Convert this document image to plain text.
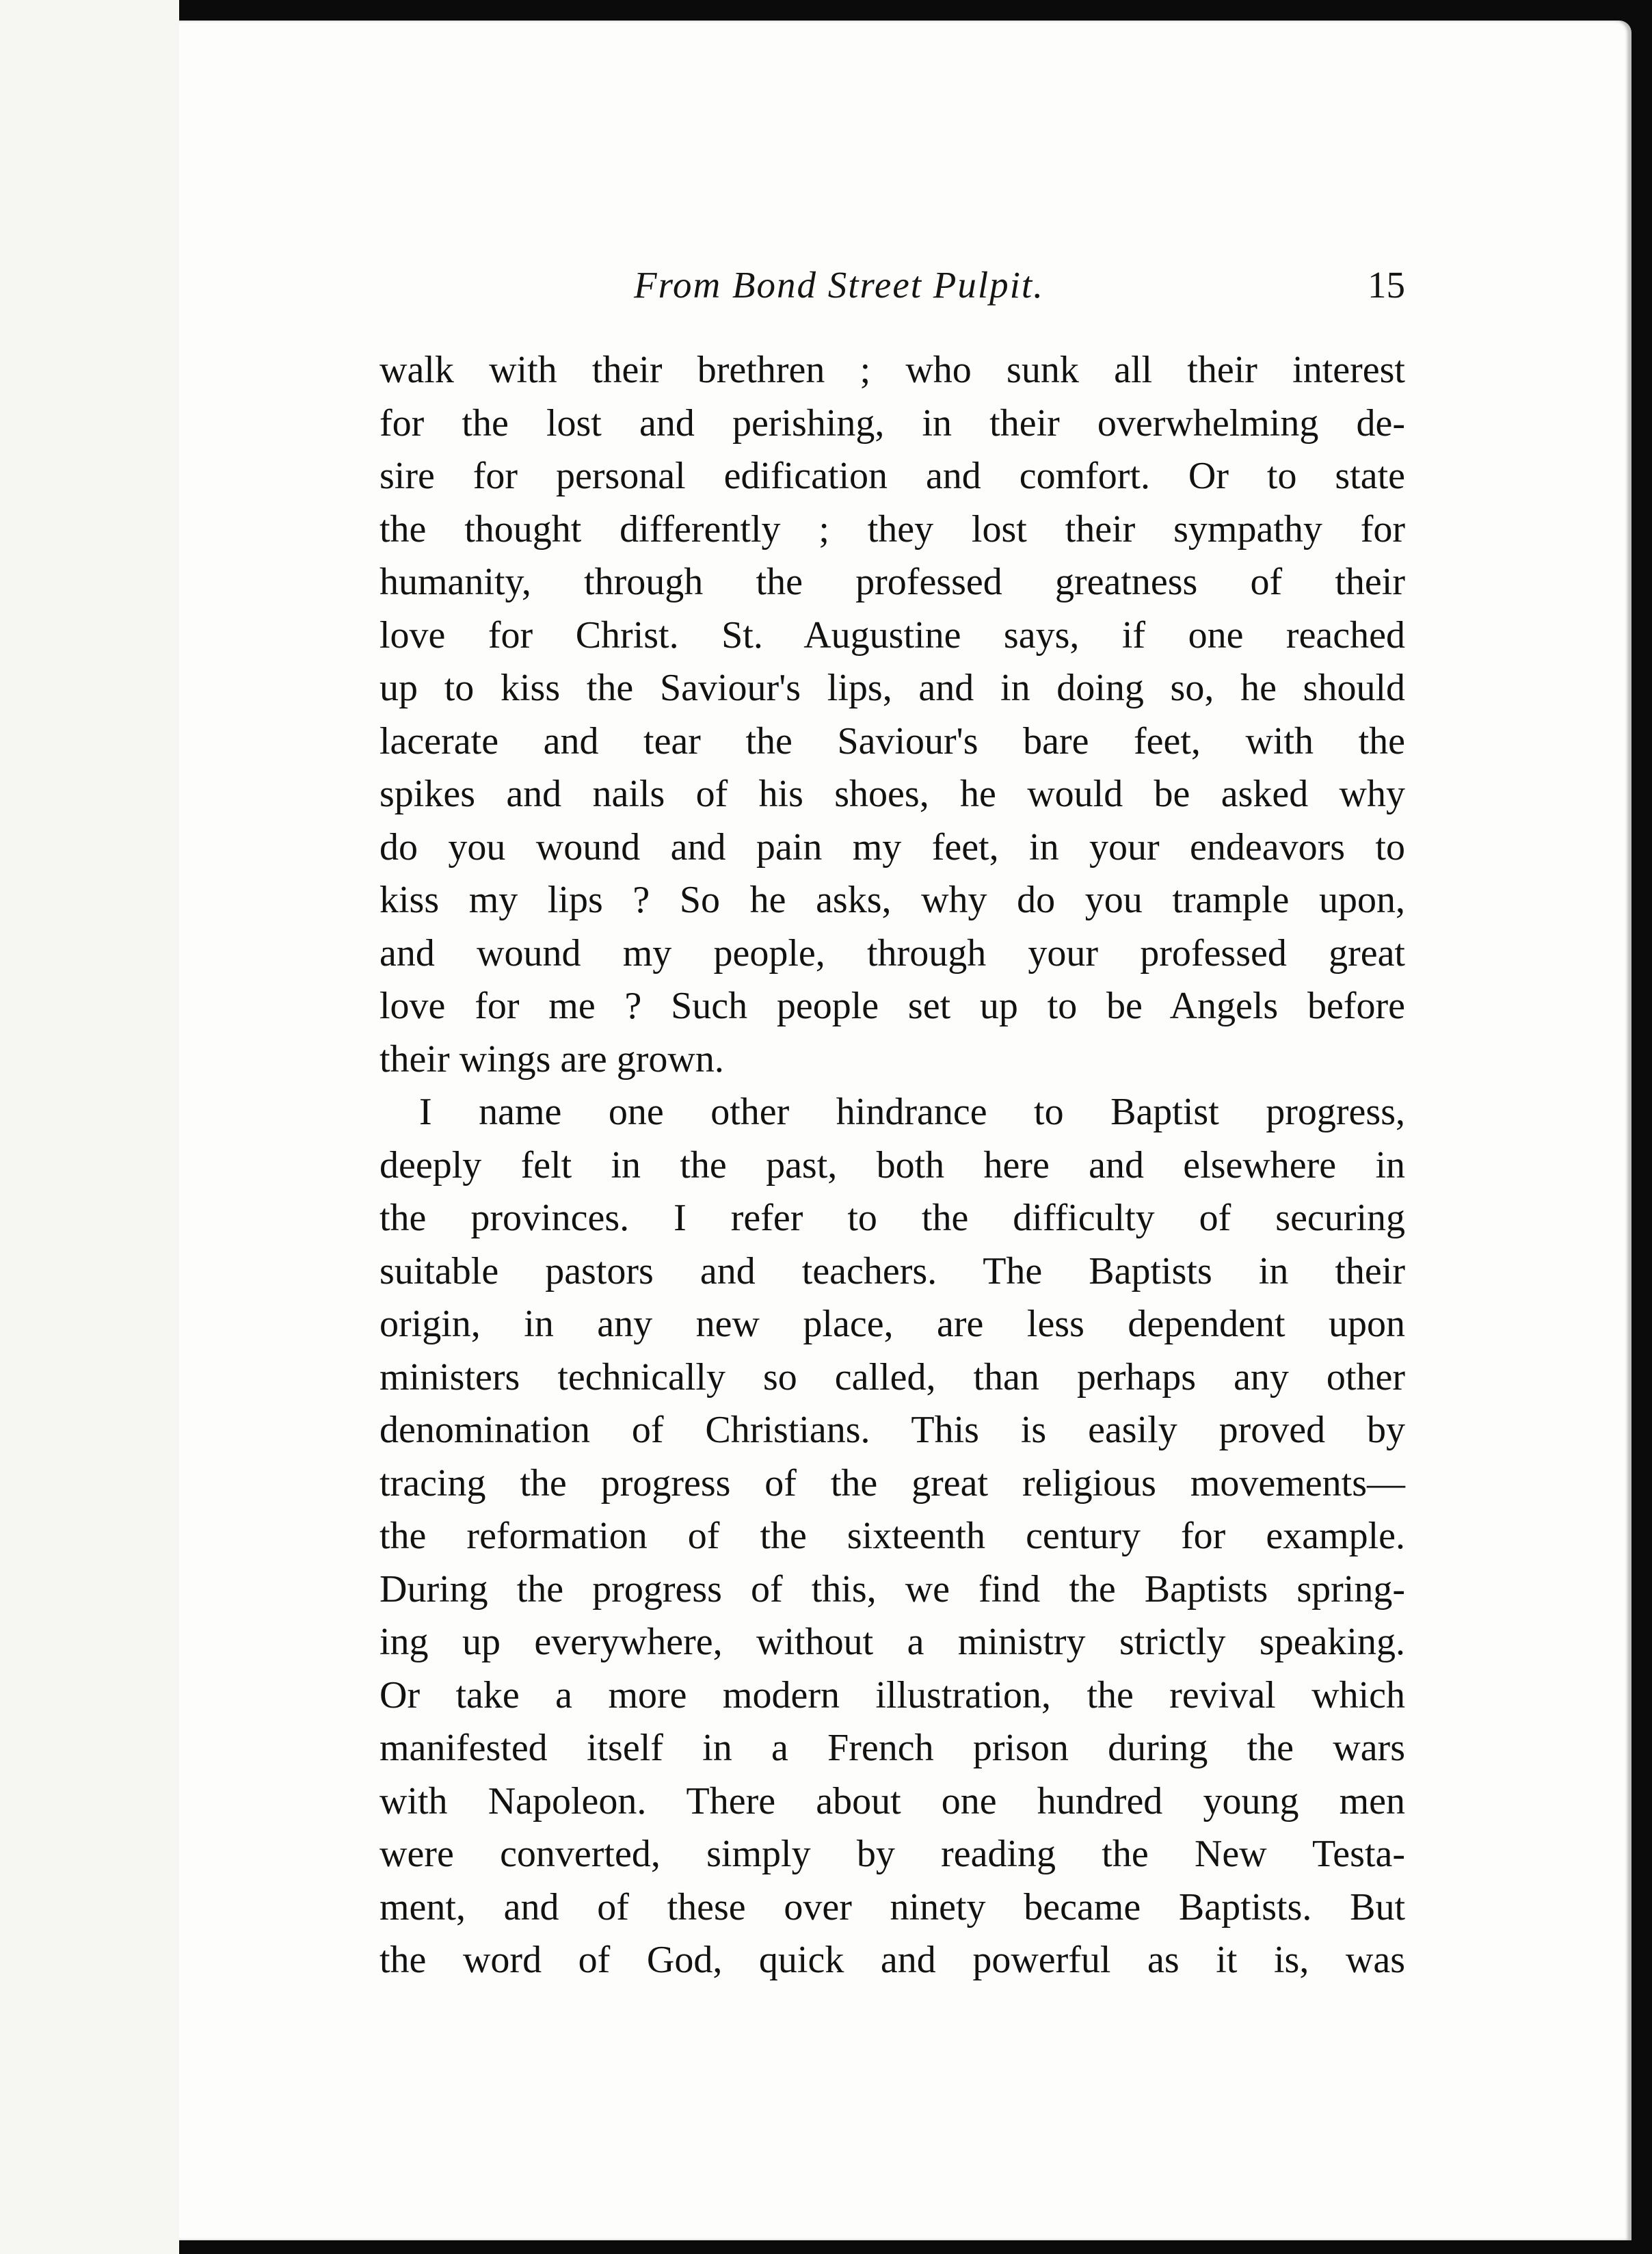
From Bond Street Pulpit.	15
walk with their brethren ; who sunk all their interest
for the lost and perishing, in their overwhelming de-
sire for personal edification and comfort. Or to state
the thought differently ; they lost their sympathy for
humanity, through the professed greatness of their
love for Christ. St. Augustine says, if one reached
up to kiss the Saviour's lips, and in doing so, he should
lacerate and tear the Saviour's bare feet, with the
spikes and nails of his shoes, he would be asked why
do you wound and pain my feet, in your endeavors to
kiss my lips ? So he asks, why do you trample upon,
and wound my people, through your professed great
love for me ? Such people set up to be Angels before
their wings are grown.
I name one other hindrance to Baptist progress,
deeply felt in the past, both here and elsewhere in
the provinces. I refer to the difficulty of securing
suitable pastors and teachers. The Baptists in their
origin, in any new place, are less dependent upon
ministers technically so called, than perhaps any other
denomination of Christians. This is easily proved by
tracing the progress of the great religious movements—
the reformation of the sixteenth century for example.
During the progress of this, we find the Baptists spring-
ing up everywhere, without a ministry strictly speaking.
Or take a more modern illustration, the revival which
manifested itself in a French prison during the wars
with Napoleon. There about one hundred young men
were converted, simply by reading the New Testa-
ment, and of these over ninety became Baptists. But
the word of God, quick and powerful as it is, was
